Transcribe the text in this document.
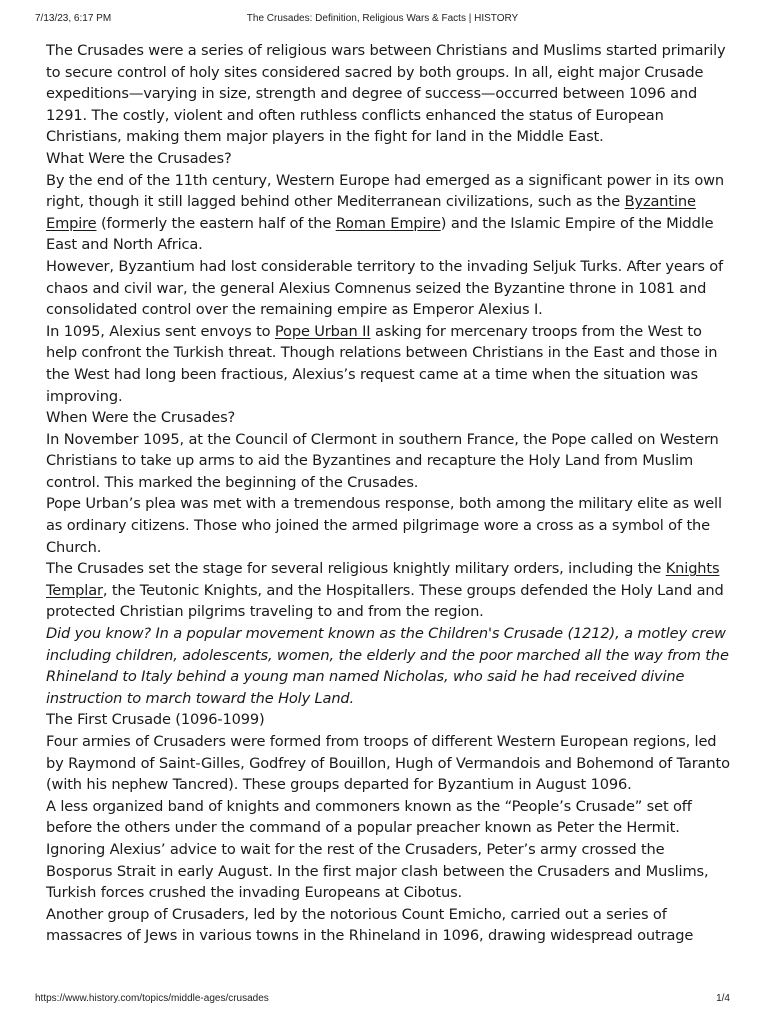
The Crusades: Definition, Religious Wars & Facts | HISTORY
7/13/23, 6:17 PM

The Crusades were a series of religious wars between Christians and Muslims started primarily to secure control of holy sites considered sacred by both groups. In all, eight major Crusade expeditions—varying in size, strength and degree of success—occurred between 1096 and 1291. The costly, violent and often ruthless conflicts enhanced the status of European Christians, making them major players in the fight for land in the Middle East.

What Were the Crusades?

By the end of the 11th century, Western Europe had emerged as a significant power in its own right, though it still lagged behind other Mediterranean civilizations, such as the Byzantine Empire (formerly the eastern half of the Roman Empire) and the Islamic Empire of the Middle East and North Africa.

However, Byzantium had lost considerable territory to the invading Seljuk Turks. After years of chaos and civil war, the general Alexius Comnenus seized the Byzantine throne in 1081 and consolidated control over the remaining empire as Emperor Alexius I.

In 1095, Alexius sent envoys to Pope Urban II asking for mercenary troops from the West to help confront the Turkish threat. Though relations between Christians in the East and those in the West had long been fractious, Alexius’s request came at a time when the situation was improving.

When Were the Crusades?

In November 1095, at the Council of Clermont in southern France, the Pope called on Western Christians to take up arms to aid the Byzantines and recapture the Holy Land from Muslim control. This marked the beginning of the Crusades.

Pope Urban’s plea was met with a tremendous response, both among the military elite as well as ordinary citizens. Those who joined the armed pilgrimage wore a cross as a symbol of the Church.

The Crusades set the stage for several religious knightly military orders, including the Knights Templar, the Teutonic Knights, and the Hospitallers. These groups defended the Holy Land and protected Christian pilgrims traveling to and from the region.

Did you know? In a popular movement known as the Children's Crusade (1212), a motley crew including children, adolescents, women, the elderly and the poor marched all the way from the Rhineland to Italy behind a young man named Nicholas, who said he had received divine instruction to march toward the Holy Land.

The First Crusade (1096-1099)

Four armies of Crusaders were formed from troops of different Western European regions, led by Raymond of Saint-Gilles, Godfrey of Bouillon, Hugh of Vermandois and Bohemond of Taranto (with his nephew Tancred). These groups departed for Byzantium in August 1096.

A less organized band of knights and commoners known as the “People’s Crusade” set off before the others under the command of a popular preacher known as Peter the Hermit. Ignoring Alexius’ advice to wait for the rest of the Crusaders, Peter’s army crossed the Bosporus Strait in early August. In the first major clash between the Crusaders and Muslims, Turkish forces crushed the invading Europeans at Cibotus.

Another group of Crusaders, led by the notorious Count Emicho, carried out a series of massacres of Jews in various towns in the Rhineland in 1096, drawing widespread outrage

https://www.history.com/topics/middle-ages/crusades	1/4
